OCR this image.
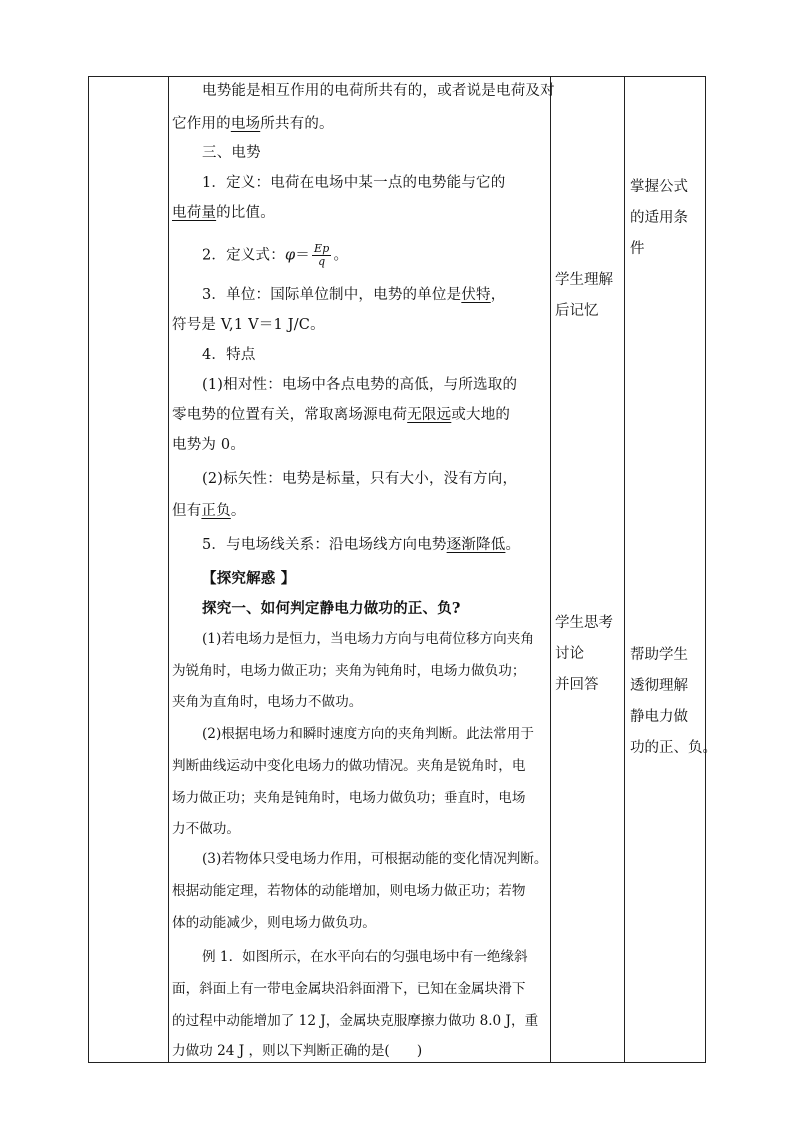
电势能是相互作用的电荷所共有的，或者说是电荷及对
它作用的电场所共有的。
三、电势
1．定义：电荷在电场中某一点的电势能与它的
电荷量的比值。
2．定义式：$\varphi= \frac{Ep}{q}$ 。
3．单位：国际单位制中，电势的单位是伏特，
符号是 V,1 V＝1 J/C。
4．特点
(1)相对性：电场中各点电势的高低，与所选取的
零电势的位置有关，常取离场源电荷无限远或大地的
电势为 0。
(2)标矢性：电势是标量，只有大小，没有方向，
但有正负。
5．与电场线关系：沿电场线方向电势逐渐降低。
【探究解惑 】
探究一、如何判定静电力做功的正、负?
(1)若电场力是恒力，当电场力方向与电荷位移方向夹角
为锐角时，电场力做正功；夹角为钝角时，电场力做负功；
夹角为直角时，电场力不做功。
(2)根据电场力和瞬时速度方向的夹角判断。此法常用于
判断曲线运动中变化电场力的做功情况。夹角是锐角时，电
场力做正功；夹角是钝角时，电场力做负功；垂直时，电场
力不做功。
(3)若物体只受电场力作用，可根据动能的变化情况判断。
根据动能定理，若物体的动能增加，则电场力做正功；若物
体的动能减少，则电场力做负功。
例 1．如图所示，在水平向右的匀强电场中有一绝缘斜
面，斜面上有一带电金属块沿斜面滑下，已知在金属块滑下
的过程中动能增加了 12 J，金属块克服摩擦力做功 8.0 J，重
力做功 24 J ，则以下判断正确的是(　　)
学生理解
后记忆
学生思考
讨论
并回答
掌握公式
的适用条
件
帮助学生
透彻理解
静电力做
功的正、负。
